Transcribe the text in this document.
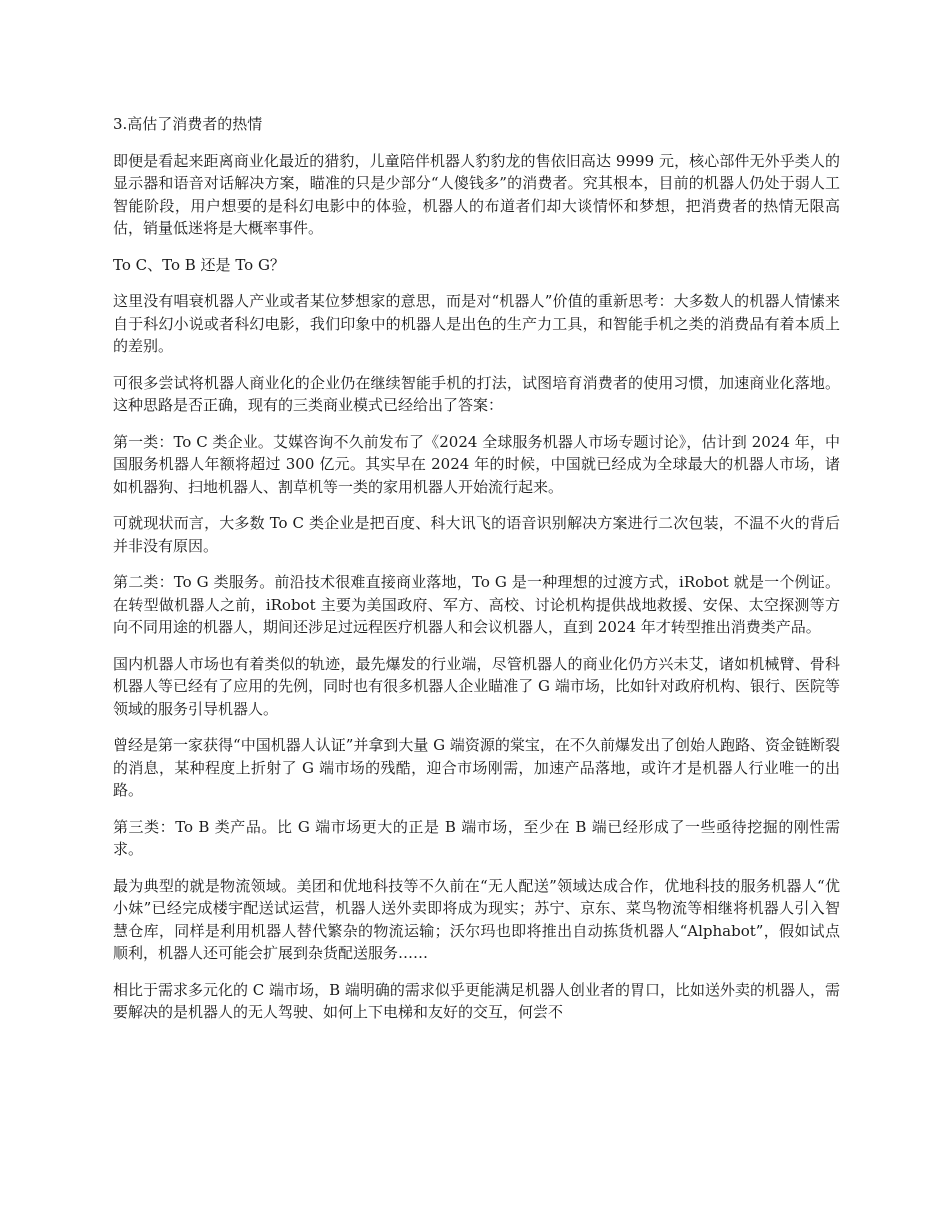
3.高估了消费者的热情

即便是看起来距离商业化最近的猎豹，儿童陪伴机器人豹豹龙的售依旧高达 9999 元，核心部件无外乎类人的显示器和语音对话解决方案，瞄准的只是少部分“人傻钱多”的消费者。究其根本，目前的机器人仍处于弱人工智能阶段，用户想要的是科幻电影中的体验，机器人的布道者们却大谈情怀和梦想，把消费者的热情无限高估，销量低迷将是大概率事件。

To C、To B 还是 To G？

这里没有唱衰机器人产业或者某位梦想家的意思，而是对“机器人”价值的重新思考：大多数人的机器人情愫来自于科幻小说或者科幻电影，我们印象中的机器人是出色的生产力工具，和智能手机之类的消费品有着本质上的差别。

可很多尝试将机器人商业化的企业仍在继续智能手机的打法，试图培育消费者的使用习惯，加速商业化落地。这种思路是否正确，现有的三类商业模式已经给出了答案：

第一类：To C 类企业。艾媒咨询不久前发布了《2024 全球服务机器人市场专题讨论》，估计到 2024 年，中国服务机器人年额将超过 300 亿元。其实早在 2024 年的时候，中国就已经成为全球最大的机器人市场，诸如机器狗、扫地机器人、割草机等一类的家用机器人开始流行起来。

可就现状而言，大多数 To C 类企业是把百度、科大讯飞的语音识别解决方案进行二次包装，不温不火的背后并非没有原因。

第二类：To G 类服务。前沿技术很难直接商业落地，To G 是一种理想的过渡方式，iRobot 就是一个例证。在转型做机器人之前，iRobot 主要为美国政府、军方、高校、讨论机构提供战地救援、安保、太空探测等方向不同用途的机器人，期间还涉足过远程医疗机器人和会议机器人，直到 2024 年才转型推出消费类产品。

国内机器人市场也有着类似的轨迹，最先爆发的行业端，尽管机器人的商业化仍方兴未艾，诸如机械臂、骨科机器人等已经有了应用的先例，同时也有很多机器人企业瞄准了 G 端市场，比如针对政府机构、银行、医院等领域的服务引导机器人。

曾经是第一家获得“中国机器人认证”并拿到大量 G 端资源的棠宝，在不久前爆发出了创始人跑路、资金链断裂的消息，某种程度上折射了 G 端市场的残酷，迎合市场刚需，加速产品落地，或许才是机器人行业唯一的出路。

第三类：To B 类产品。比 G 端市场更大的正是 B 端市场，至少在 B 端已经形成了一些亟待挖掘的刚性需求。

最为典型的就是物流领域。美团和优地科技等不久前在“无人配送”领域达成合作，优地科技的服务机器人“优小妹”已经完成楼宇配送试运营，机器人送外卖即将成为现实；苏宁、京东、菜鸟物流等相继将机器人引入智慧仓库，同样是利用机器人替代繁杂的物流运输；沃尔玛也即将推出自动拣货机器人“Alphabot”，假如试点顺利，机器人还可能会扩展到杂货配送服务……

相比于需求多元化的 C 端市场，B 端明确的需求似乎更能满足机器人创业者的胃口，比如送外卖的机器人，需要解决的是机器人的无人驾驶、如何上下电梯和友好的交互，何尝不
